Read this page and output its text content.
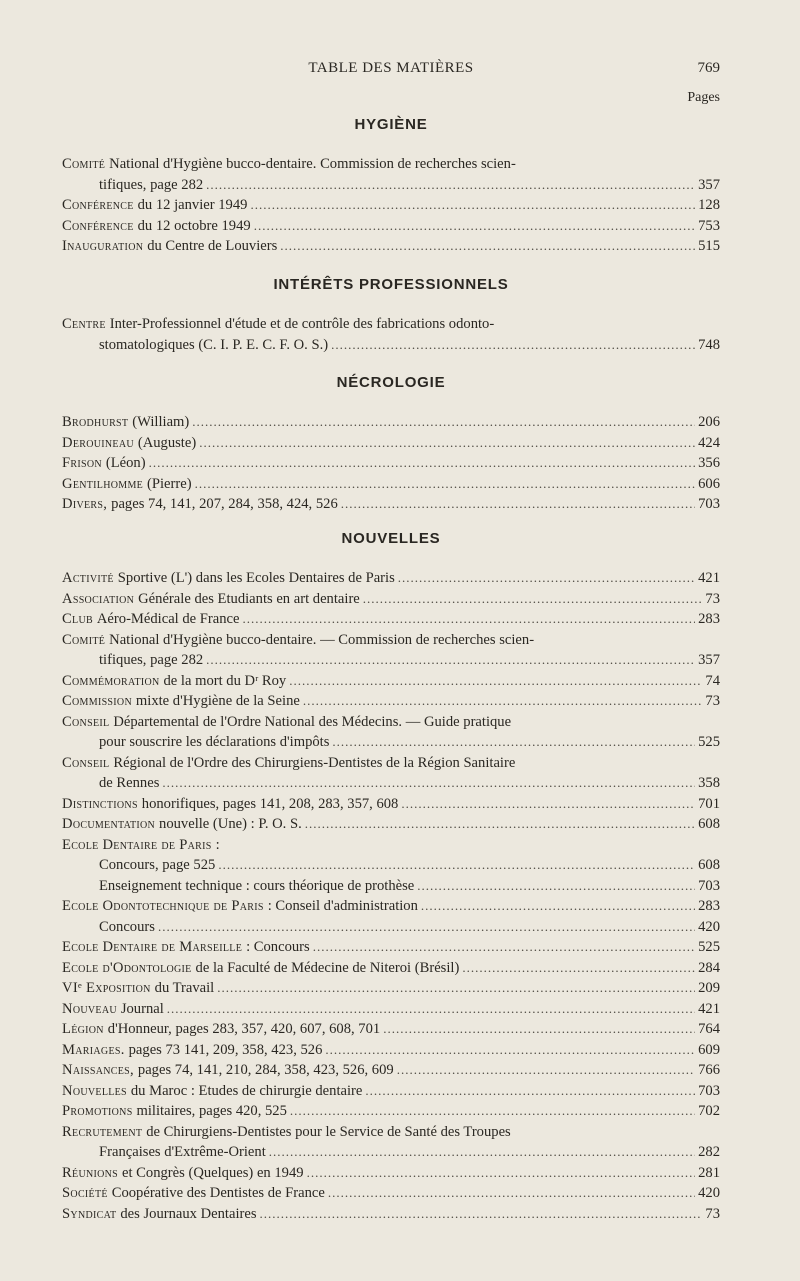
TABLE DES MATIÈRES	769
Pages
HYGIÈNE
Comité National d'Hygiène bucco-dentaire. Commission de recherches scien-
tifiques, page 282 .....	357
Conférence du 12 janvier 1949 .....	128
Conférence du 12 octobre 1949 .....	753
Inauguration du Centre de Louviers .....	515
INTÉRÊTS PROFESSIONNELS
Centre Inter-Professionnel d'étude et de contrôle des fabrications odonto-
stomatologiques (C. I. P. E. C. F. O. S.) .....	748
NÉCROLOGIE
Brodhurst (William) .....	206
Derouineau (Auguste) .....	424
Frison (Léon) .....	356
Gentilhomme (Pierre) .....	606
Divers, pages 74, 141, 207, 284, 358, 424, 526 .....	703
NOUVELLES
Activité Sportive (L') dans les Ecoles Dentaires de Paris .....	421
Association Générale des Etudiants en art dentaire .....	73
Club Aéro-Médical de France .....	283
Comité National d'Hygiène bucco-dentaire. — Commission de recherches scien-
tifiques, page 282 .....	357
Commémoration de la mort du Dʳ Roy .....	74
Commission mixte d'Hygiène de la Seine .....	73
Conseil Départemental de l'Ordre National des Médecins. — Guide pratique
pour souscrire les déclarations d'impôts .....	525
Conseil Régional de l'Ordre des Chirurgiens-Dentistes de la Région Sanitaire
de Rennes .....	358
Distinctions honorifiques, pages 141, 208, 283, 357, 608 .....	701
Documentation nouvelle (Une) : P. O. S. .....	608
Ecole Dentaire de Paris :
Concours, page 525 .....	608
Enseignement technique : cours théorique de prothèse .....	703
Ecole Odontotechnique de Paris : Conseil d'administration .....	283
Concours .....	420
Ecole Dentaire de Marseille : Concours .....	525
Ecole d'Odontologie de la Faculté de Médecine de Niteroi (Brésil) .....	284
VIᵉ Exposition du Travail .....	209
Nouveau Journal .....	421
Légion d'Honneur, pages 283, 357, 420, 607, 608, 701 .....	764
Mariages. pages 73 141, 209, 358, 423, 526 .....	609
Naissances, pages 74, 141, 210, 284, 358, 423, 526, 609 .....	766
Nouvelles du Maroc : Etudes de chirurgie dentaire .....	703
Promotions militaires, pages 420, 525 .....	702
Recrutement de Chirurgiens-Dentistes pour le Service de Santé des Troupes
Françaises d'Extrême-Orient .....	282
Réunions et Congrès (Quelques) en 1949 .....	281
Société Coopérative des Dentistes de France .....	420
Syndicat des Journaux Dentaires .....	73
